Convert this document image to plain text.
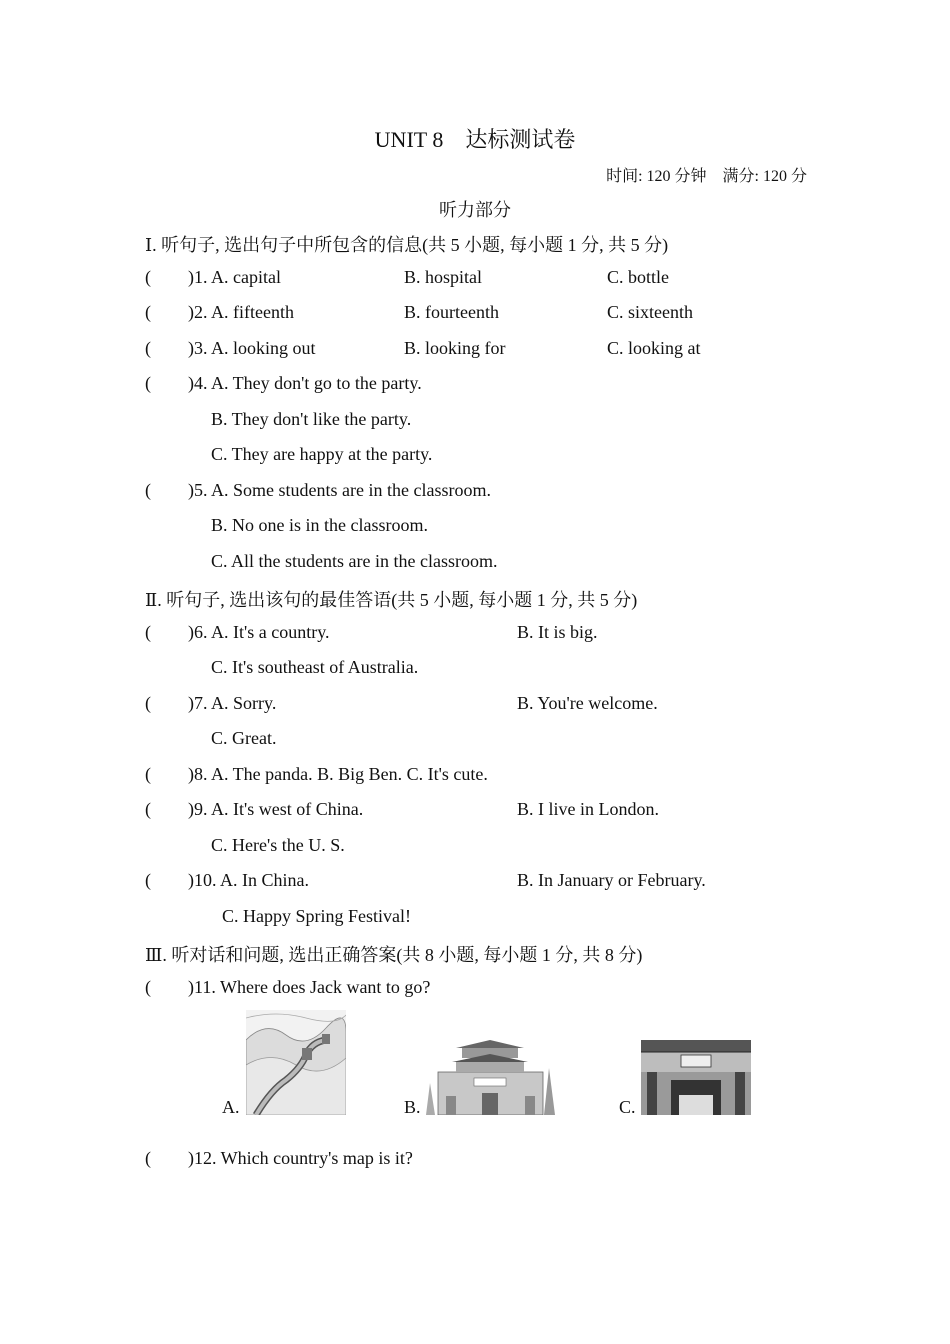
UNIT 8　达标测试卷
时间: 120 分钟　满分: 120 分
听力部分
Ⅰ. 听句子, 选出句子中所包含的信息(共 5 小题, 每小题 1 分, 共 5 分)
( )1. A. capital	B. hospital	C. bottle
( )2. A. fifteenth	B. fourteenth	C. sixteenth
( )3. A. looking out	B. looking for	C. looking at
( )4. A. They don't go to the party.
B. They don't like the party.
C. They are happy at the party.
( )5. A. Some students are in the classroom.
B. No one is in the classroom.
C. All the students are in the classroom.
Ⅱ. 听句子, 选出该句的最佳答语(共 5 小题, 每小题 1 分, 共 5 分)
( )6. A. It's a country.	B. It is big.
C. It's southeast of Australia.
( )7. A. Sorry.	B. You're welcome.
C. Great.
( )8. A. The panda. B. Big Ben. C. It's cute.
( )9. A. It's west of China.	B. I live in London.
C. Here's the U. S.
( )10. A. In China.	B. In January or February.
C. Happy Spring Festival!
Ⅲ. 听对话和问题, 选出正确答案(共 8 小题, 每小题 1 分, 共 8 分)
( )11. Where does Jack want to go?
A.	B.	C.
( )12. Which country's map is it?
